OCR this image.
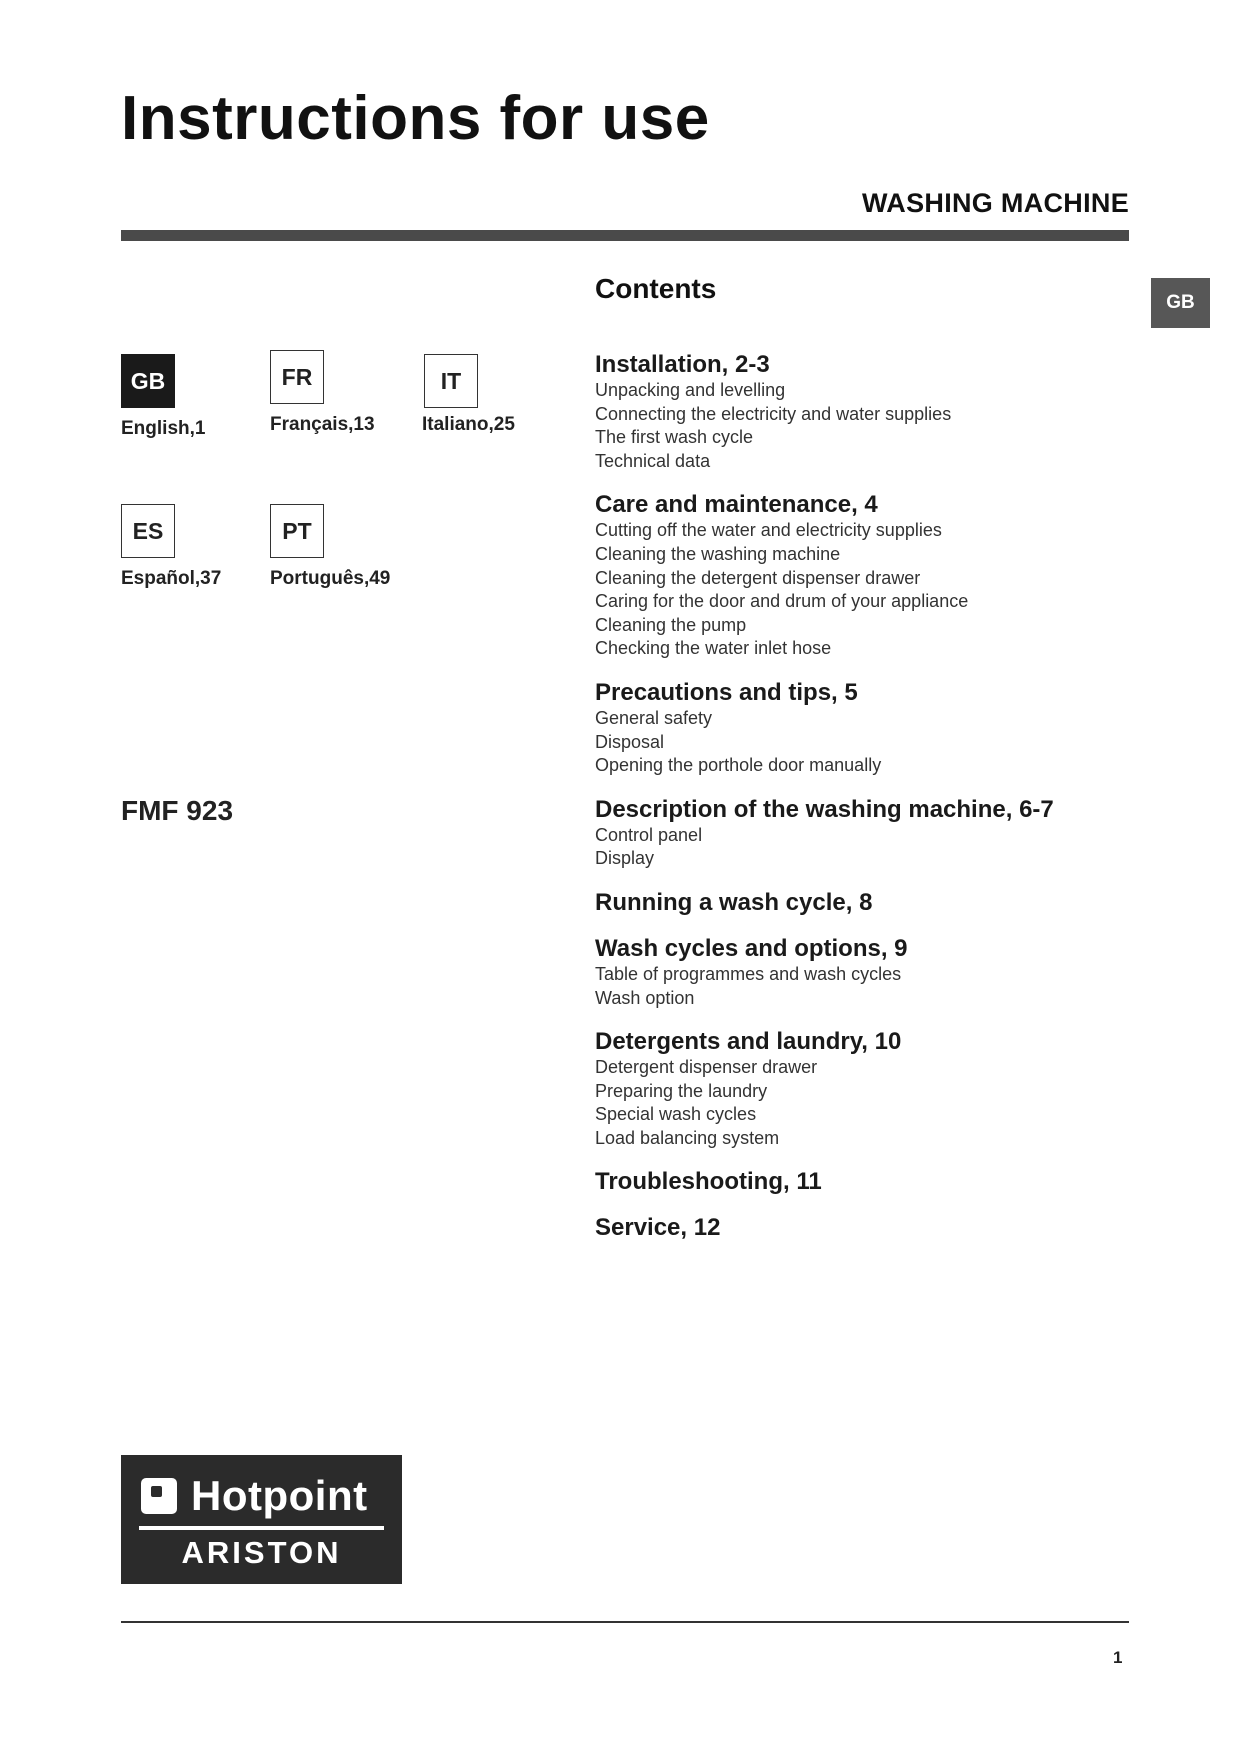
Instructions for use
WASHING MACHINE
GB
Contents
GB
English,1
FR
Français,13
IT
Italiano,25
ES
Español,37
PT
Português,49
FMF 923
Installation, 2-3
Unpacking and levelling
Connecting the electricity and water supplies
The first wash cycle
Technical data
Care and maintenance, 4
Cutting off the water and electricity supplies
Cleaning the washing machine
Cleaning the detergent dispenser drawer
Caring for the door and drum of your appliance
Cleaning the pump
Checking the water inlet hose
Precautions and tips, 5
General safety
Disposal
Opening the porthole door manually
Description of the washing machine, 6-7
Control panel
Display
Running a wash cycle, 8
Wash cycles and options, 9
Table of programmes and wash cycles
Wash option
Detergents and laundry, 10
Detergent dispenser drawer
Preparing the laundry
Special wash cycles
Load balancing system
Troubleshooting, 11
Service, 12
Hotpoint
ARISTON
1
